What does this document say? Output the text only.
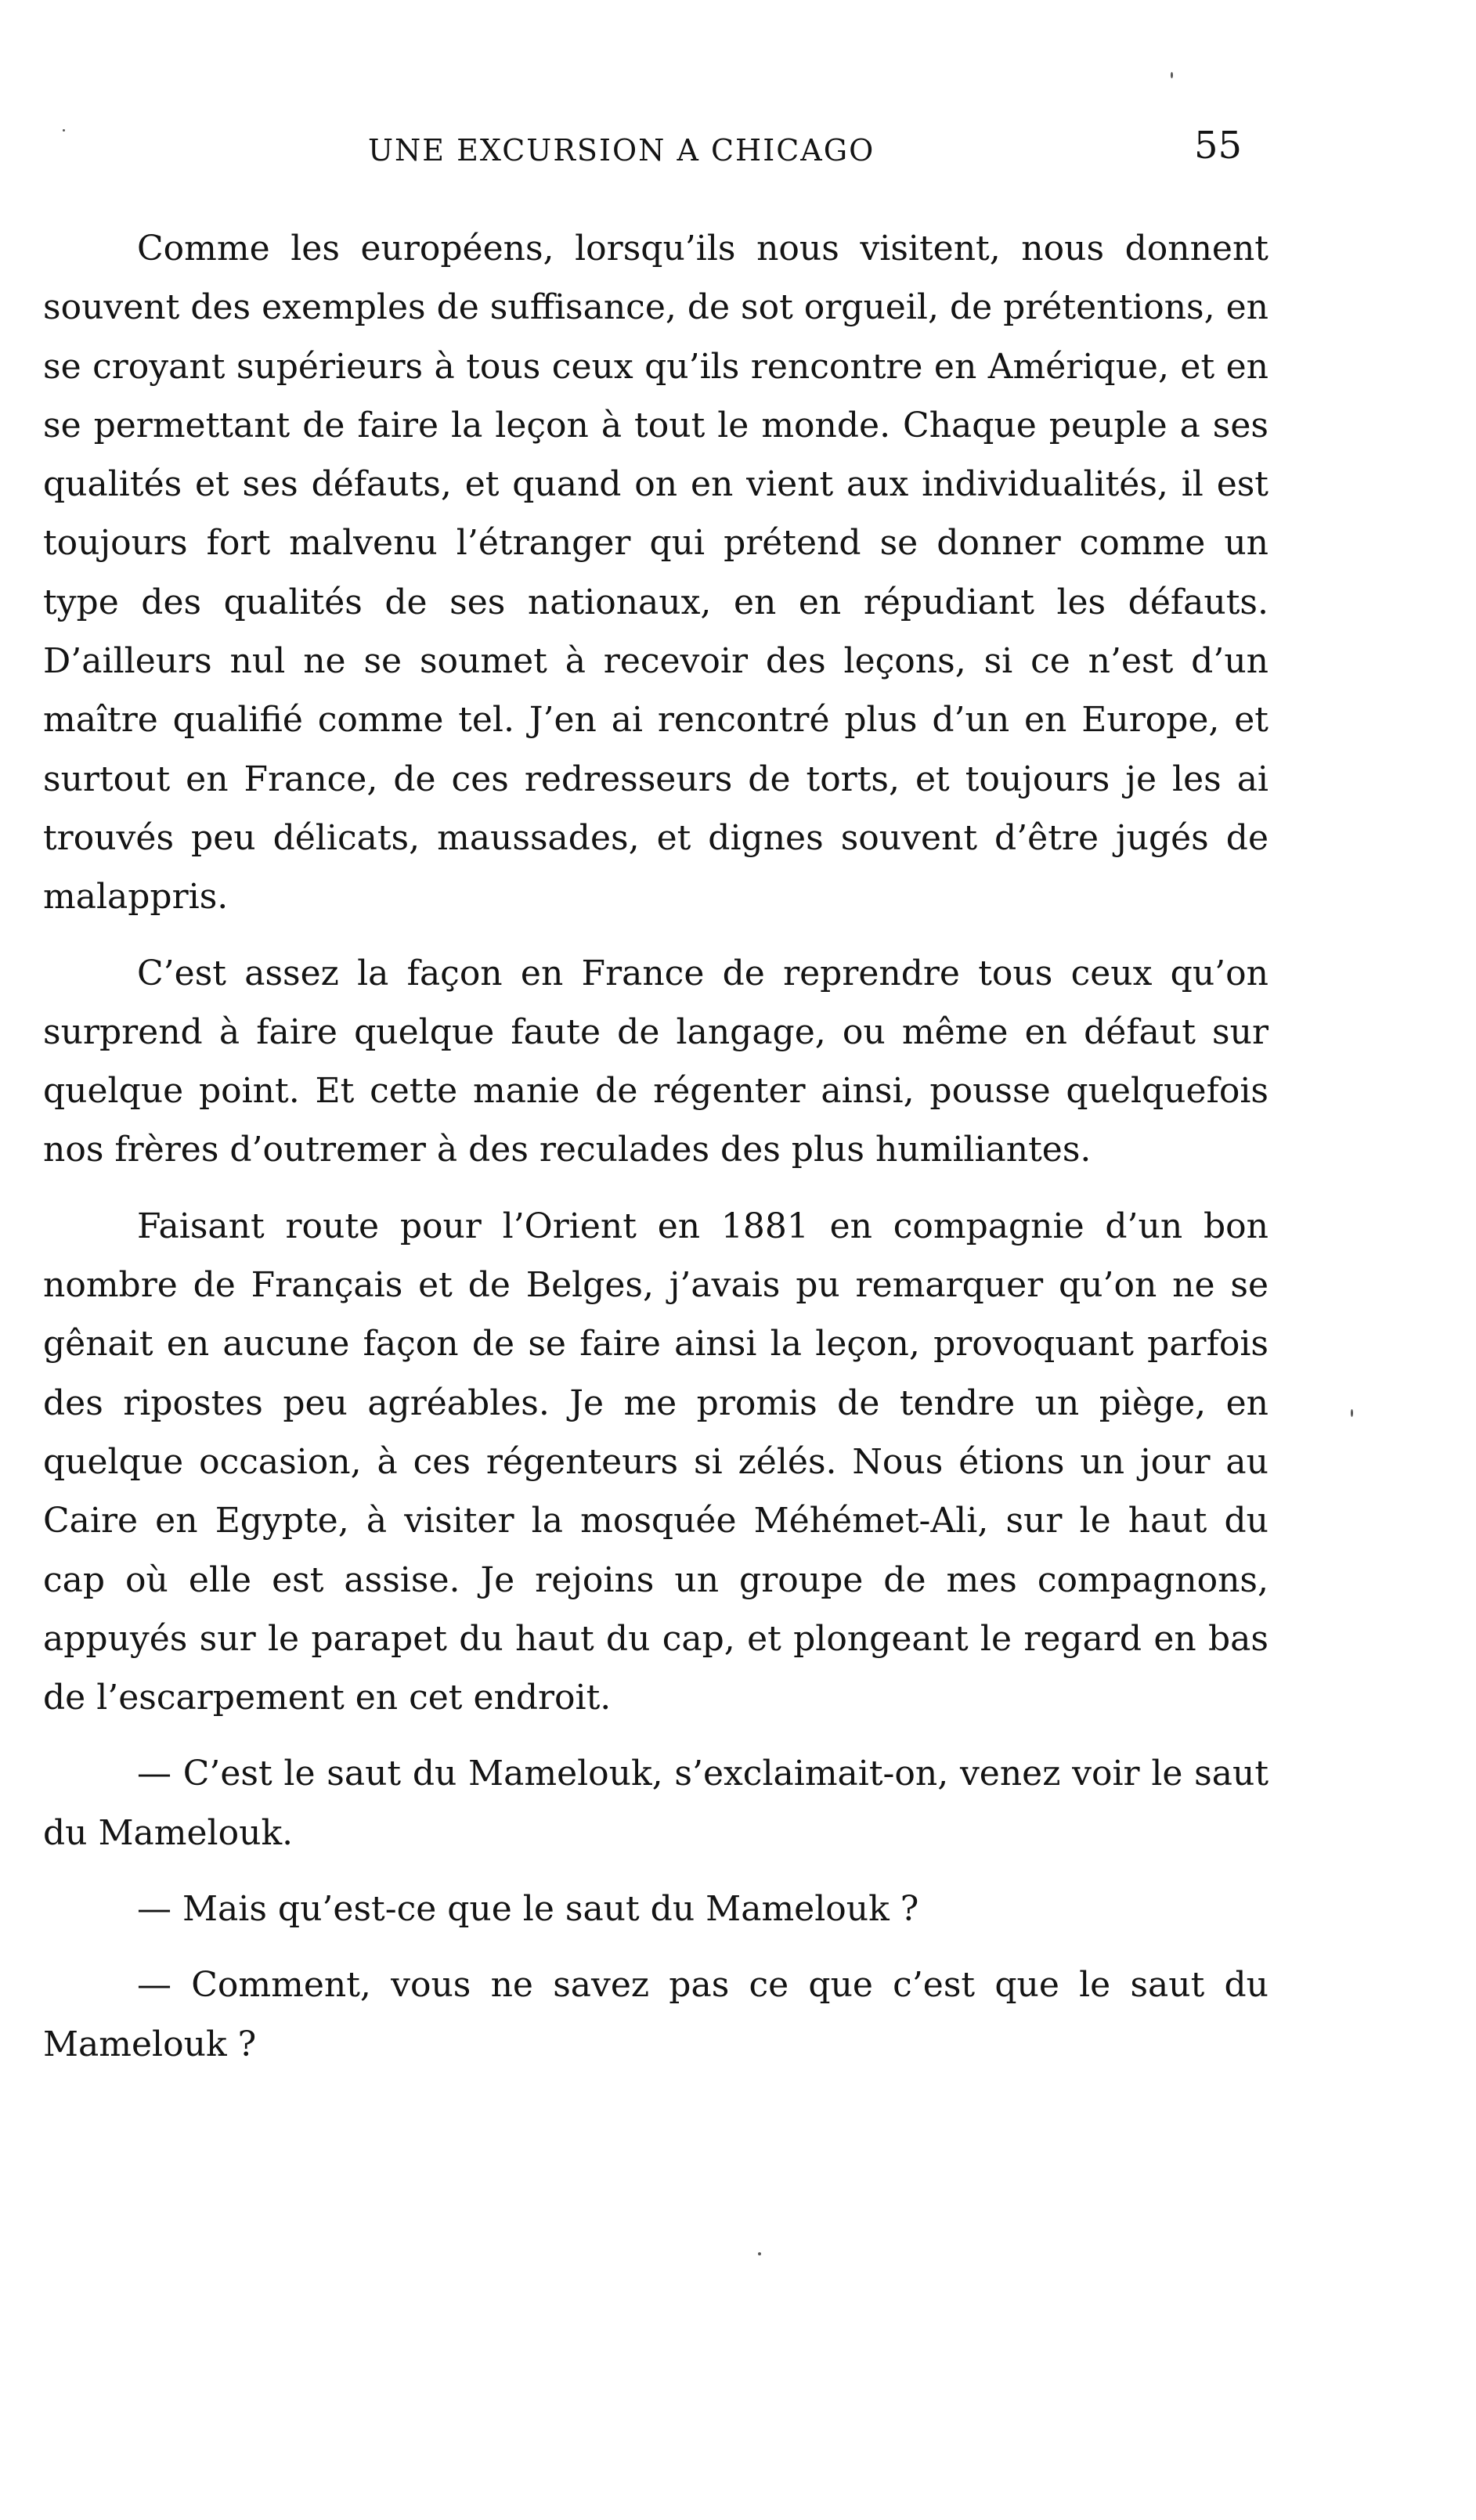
UNE EXCURSION A CHICAGO	55

Comme les européens, lorsqu’ils nous visitent, nous donnent souvent des exemples de suffisance, de sot orgueil, de prétentions, en se croyant supérieurs à tous ceux qu’ils rencontre en Amérique, et en se permettant de faire la leçon à tout le monde. Chaque peuple a ses qualités et ses défauts, et quand on en vient aux individualités, il est toujours fort malvenu l’étranger qui prétend se donner comme un type des qualités de ses nationaux, en en répudiant les défauts. D’ailleurs nul ne se soumet à recevoir des leçons, si ce n’est d’un maître qualifié comme tel. J’en ai rencontré plus d’un en Europe, et surtout en France, de ces redresseurs de torts, et toujours je les ai trouvés peu délicats, maussades, et dignes souvent d’être jugés de malappris.

C’est assez la façon en France de reprendre tous ceux qu’on surprend à faire quelque faute de langage, ou même en défaut sur quelque point. Et cette manie de régenter ainsi, pousse quelquefois nos frères d’outremer à des reculades des plus humiliantes.

Faisant route pour l’Orient en 1881 en compagnie d’un bon nombre de Français et de Belges, j’avais pu remarquer qu’on ne se gênait en aucune façon de se faire ainsi la leçon, provoquant parfois des ripostes peu agréables. Je me promis de tendre un piège, en quelque occasion, à ces régenteurs si zélés. Nous étions un jour au Caire en Egypte, à visiter la mosquée Méhémet-Ali, sur le haut du cap où elle est assise. Je rejoins un groupe de mes compagnons, appuyés sur le parapet du haut du cap, et plongeant le regard en bas de l’escarpement en cet endroit.

— C’est le saut du Mamelouk, s’exclaimait-on, venez voir le saut du Mamelouk.

— Mais qu’est-ce que le saut du Mamelouk ?

— Comment, vous ne savez pas ce que c’est que le saut du Mamelouk ?
